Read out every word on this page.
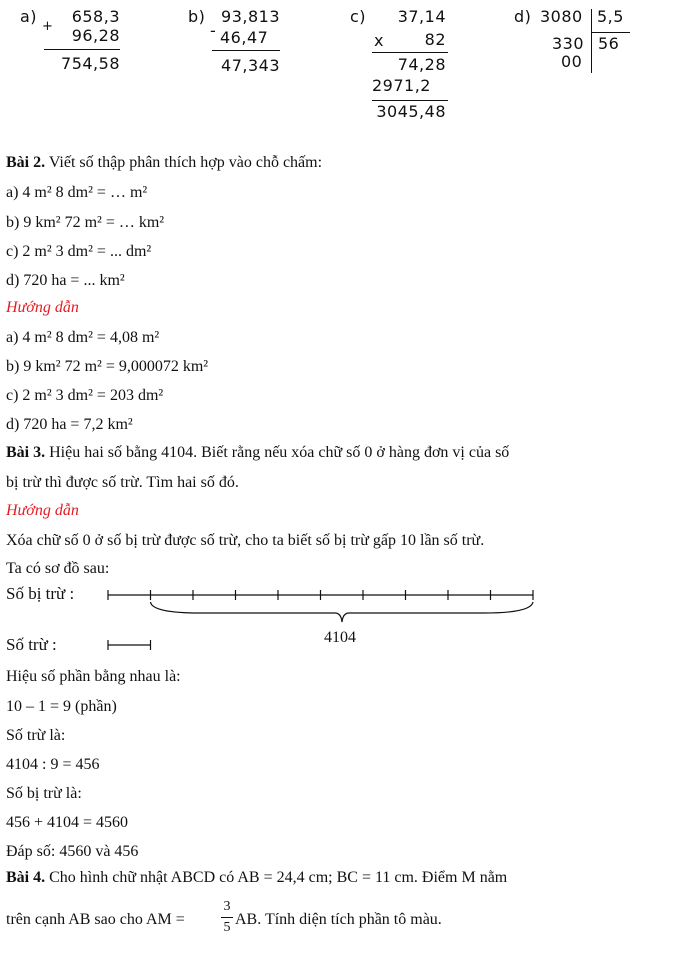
a)	658,3
+	96,28
754,58
b) 93,813
- 46,47
47,343
c)	37,14
x	82
74,28
2971,2
3045,48
d) 3080 5,5
330 56
00
Bài 2. Viết số thập phân thích hợp vào chỗ chấm:
a) 4 m² 8 dm² = … m²
b) 9 km² 72 m² = … km²
c) 2 m² 3 dm² = ... dm²
d) 720 ha = ... km²
Hướng dẫn
a) 4 m² 8 dm² = 4,08 m²
b) 9 km² 72 m² = 9,000072 km²
c) 2 m² 3 dm² = 203 dm²
d) 720 ha = 7,2 km²
Bài 3. Hiệu hai số bằng 4104. Biết rằng nếu xóa chữ số 0 ở hàng đơn vị của số
bị trừ thì được số trừ. Tìm hai số đó.
Hướng dẫn
Xóa chữ số 0 ở số bị trừ được số trừ, cho ta biết số bị trừ gấp 10 lần số trừ.
Ta có sơ đồ sau:
Số bị trừ :
Số trừ :	4104
Hiệu số phần bằng nhau là:
10 – 1 = 9 (phần)
Số trừ là:
4104 : 9 = 456
Số bị trừ là:
456 + 4104 = 4560
Đáp số: 4560 và 456
Bài 4. Cho hình chữ nhật ABCD có AB = 24,4 cm; BC = 11 cm. Điểm M nằm
trên cạnh AB sao cho AM =
3
5 AB. Tính diện tích phần tô màu.
